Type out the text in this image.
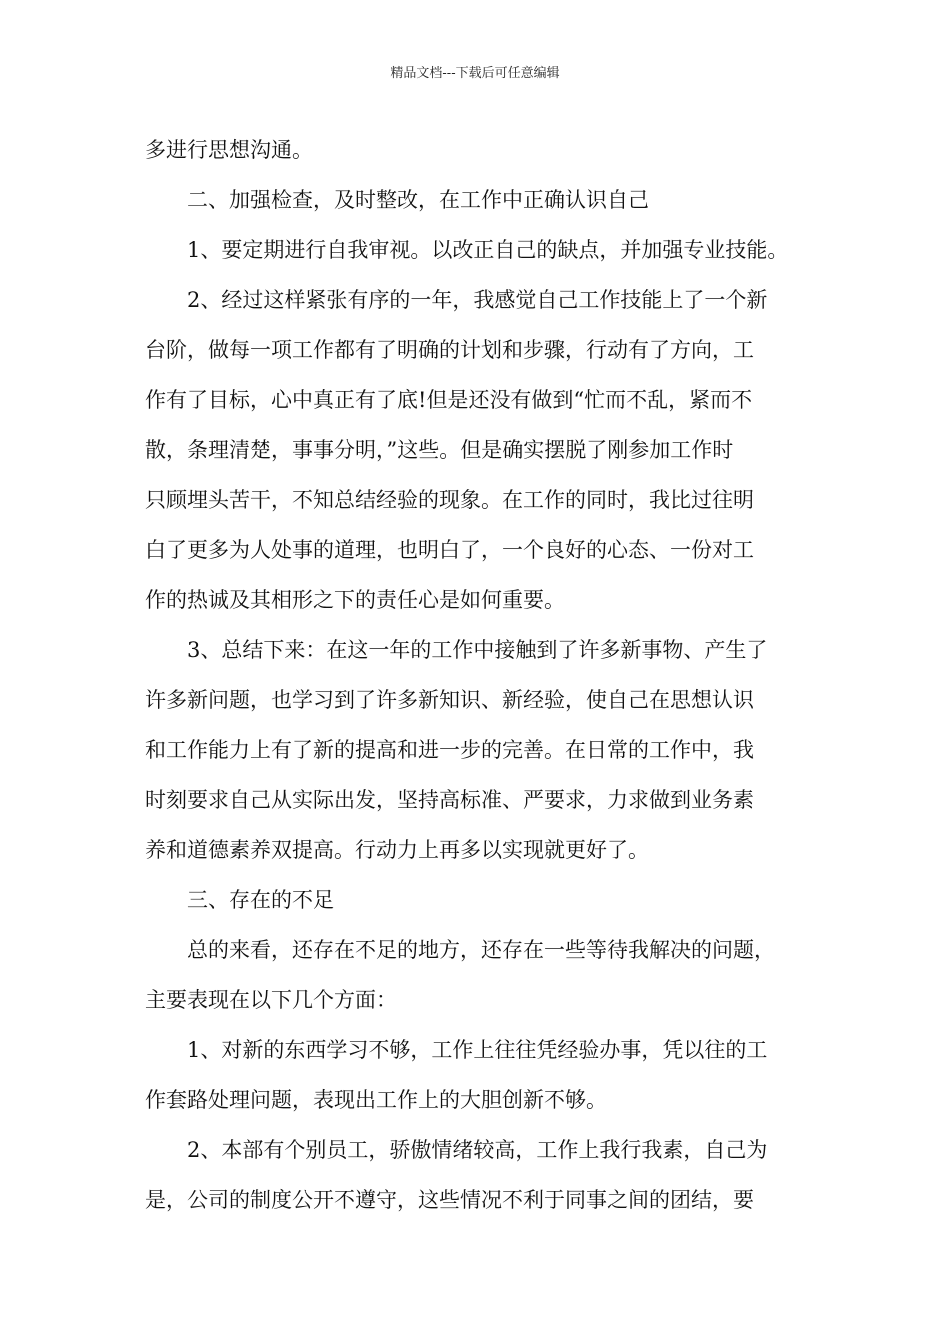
精品文档---下载后可任意编辑
多进行思想沟通。
二、加强检查，及时整改，在工作中正确认识自己
1、要定期进行自我审视。以改正自己的缺点，并加强专业技能。
2、经过这样紧张有序的一年，我感觉自己工作技能上了一个新
台阶，做每一项工作都有了明确的计划和步骤，行动有了方向，工
作有了目标，心中真正有了底!但是还没有做到“忙而不乱，紧而不
散，条理清楚，事事分明，”这些。但是确实摆脱了刚参加工作时
只顾埋头苦干，不知总结经验的现象。在工作的同时，我比过往明
白了更多为人处事的道理，也明白了，一个良好的心态、一份对工
作的热诚及其相形之下的责任心是如何重要。
3、总结下来：在这一年的工作中接触到了许多新事物、产生了
许多新问题，也学习到了许多新知识、新经验，使自己在思想认识
和工作能力上有了新的提高和进一步的完善。在日常的工作中，我
时刻要求自己从实际出发，坚持高标准、严要求，力求做到业务素
养和道德素养双提高。行动力上再多以实现就更好了。
三、存在的不足
总的来看，还存在不足的地方，还存在一些等待我解决的问题，
主要表现在以下几个方面：
1、对新的东西学习不够，工作上往往凭经验办事，凭以往的工
作套路处理问题，表现出工作上的大胆创新不够。
2、本部有个别员工，骄傲情绪较高，工作上我行我素，自己为
是，公司的制度公开不遵守，这些情况不利于同事之间的团结，要
